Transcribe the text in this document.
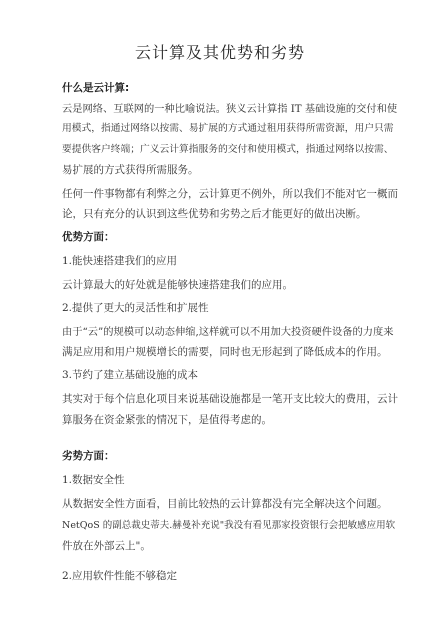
云计算及其优势和劣势
什么是云计算:
云是网络、互联网的一种比喻说法。狭义云计算指 IT 基础设施的交付和使
用模式，指通过网络以按需、易扩展的方式通过租用获得所需资源，用户只需
要提供客户终端；广义云计算指服务的交付和使用模式，指通过网络以按需、
易扩展的方式获得所需服务。
任何一件事物都有利弊之分，云计算更不例外，所以我们不能对它一概而
论，只有充分的认识到这些优势和劣势之后才能更好的做出决断。
优势方面：
1.能快速搭建我们的应用
云计算最大的好处就是能够快速搭建我们的应用。
2.提供了更大的灵活性和扩展性
由于“云”的规模可以动态伸缩,这样就可以不用加大投资硬件设备的力度来
满足应用和用户规模增长的需要，同时也无形起到了降低成本的作用。
3.节约了建立基础设施的成本
其实对于每个信息化项目来说基础设施都是一笔开支比较大的费用，云计
算服务在资金紧张的情况下，是值得考虑的。
劣势方面：
1.数据安全性
从数据安全性方面看，目前比较热的云计算都没有完全解决这个问题。
NetQoS 的副总裁史蒂夫.赫曼补充说"我没有看见那家投资银行会把敏感应用软
件放在外部云上"。
2.应用软件性能不够稳定
